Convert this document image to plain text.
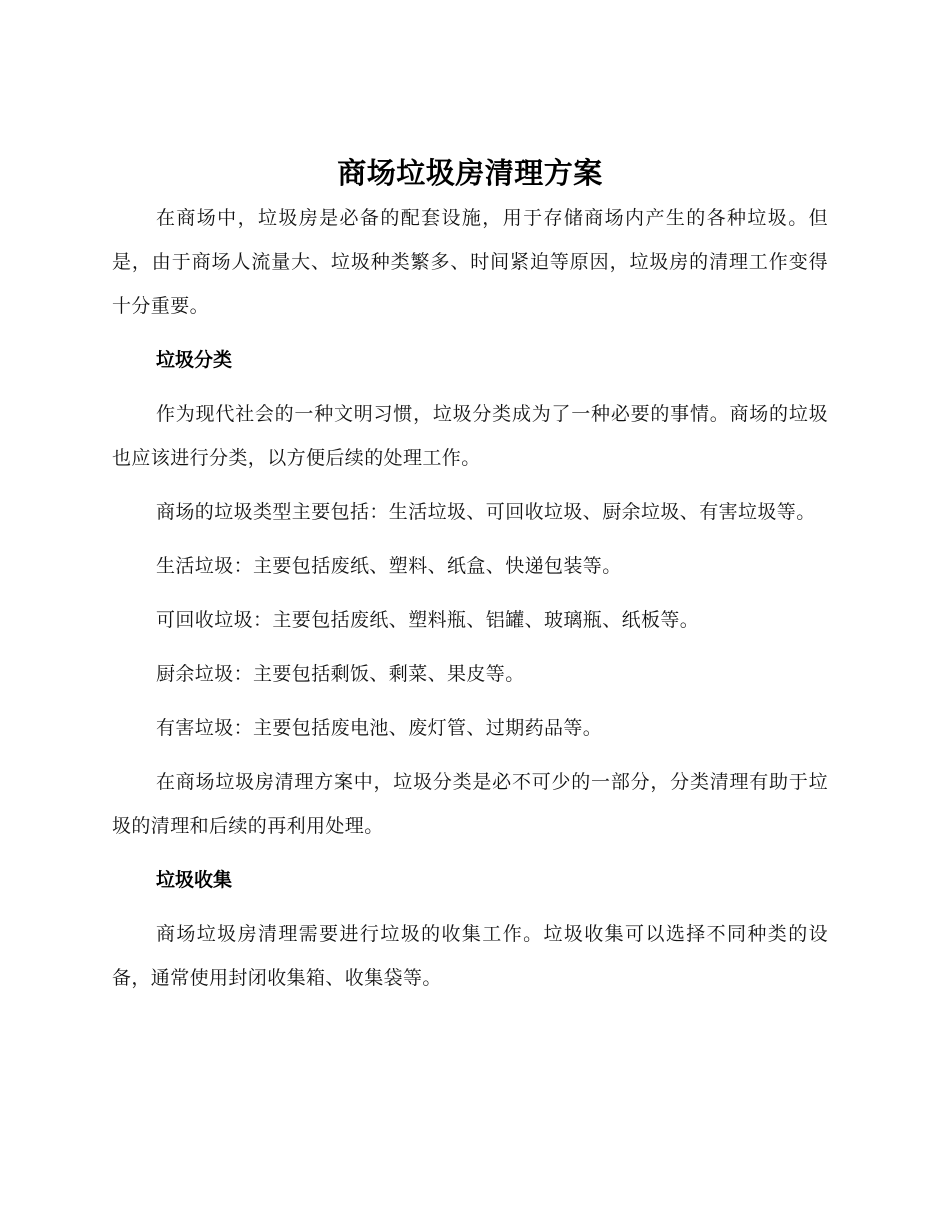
商场垃圾房清理方案

在商场中，垃圾房是必备的配套设施，用于存储商场内产生的各种垃圾。但是，由于商场人流量大、垃圾种类繁多、时间紧迫等原因，垃圾房的清理工作变得十分重要。

垃圾分类

作为现代社会的一种文明习惯，垃圾分类成为了一种必要的事情。商场的垃圾也应该进行分类，以方便后续的处理工作。

商场的垃圾类型主要包括：生活垃圾、可回收垃圾、厨余垃圾、有害垃圾等。

生活垃圾：主要包括废纸、塑料、纸盒、快递包装等。

可回收垃圾：主要包括废纸、塑料瓶、铝罐、玻璃瓶、纸板等。

厨余垃圾：主要包括剩饭、剩菜、果皮等。

有害垃圾：主要包括废电池、废灯管、过期药品等。

在商场垃圾房清理方案中，垃圾分类是必不可少的一部分，分类清理有助于垃圾的清理和后续的再利用处理。

垃圾收集

商场垃圾房清理需要进行垃圾的收集工作。垃圾收集可以选择不同种类的设备，通常使用封闭收集箱、收集袋等。
